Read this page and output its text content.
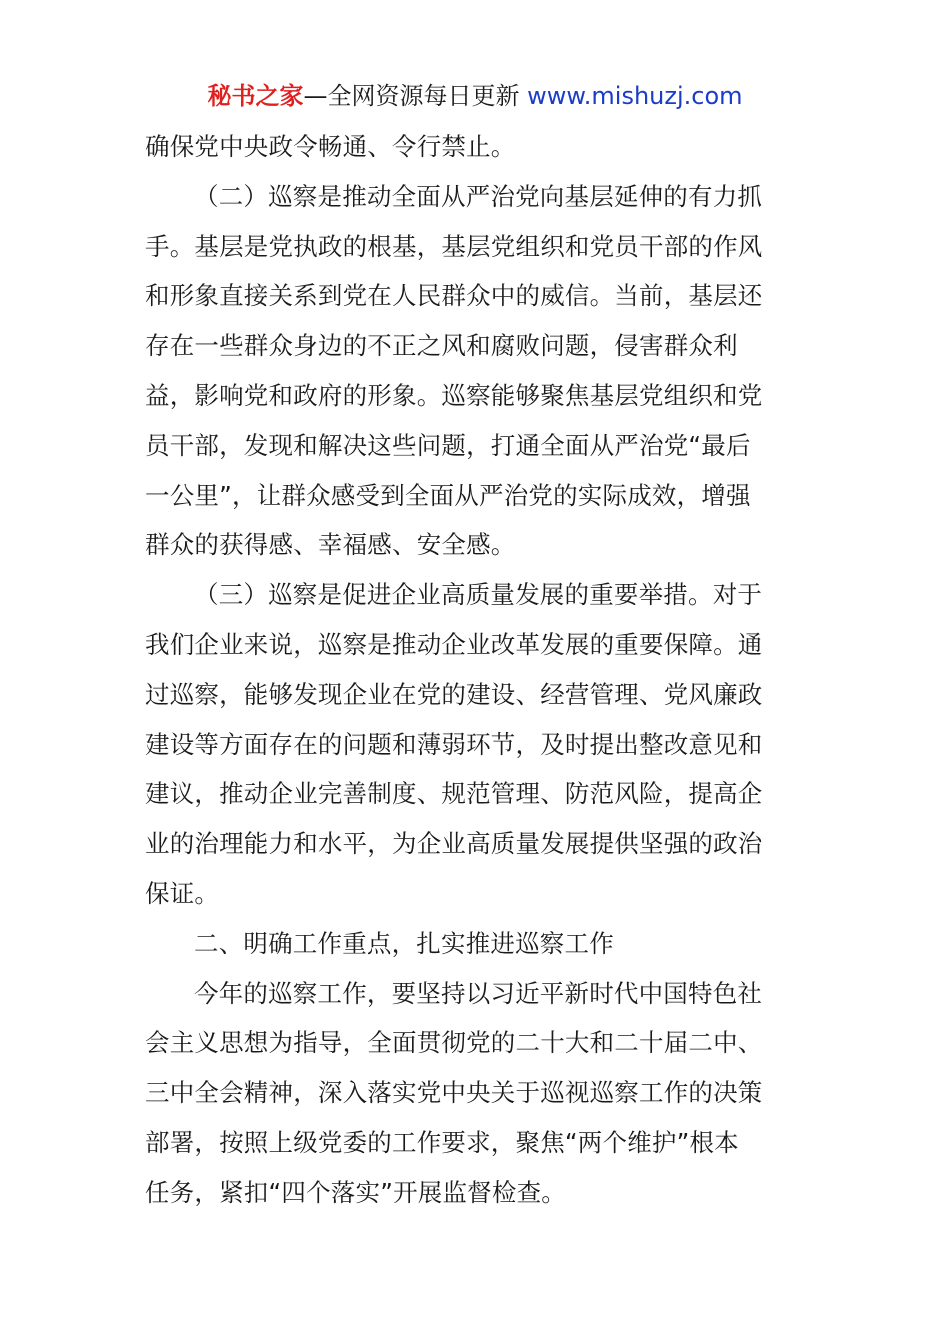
秘书之家—全网资源每日更新 www.mishuzj.com
确保党中央政令畅通、令行禁止。
（二）巡察是推动全面从严治党向基层延伸的有力抓
手。基层是党执政的根基，基层党组织和党员干部的作风
和形象直接关系到党在人民群众中的威信。当前，基层还
存在一些群众身边的不正之风和腐败问题，侵害群众利
益，影响党和政府的形象。巡察能够聚焦基层党组织和党
员干部，发现和解决这些问题，打通全面从严治党“最后
一公里”，让群众感受到全面从严治党的实际成效，增强
群众的获得感、幸福感、安全感。
（三）巡察是促进企业高质量发展的重要举措。对于
我们企业来说，巡察是推动企业改革发展的重要保障。通
过巡察，能够发现企业在党的建设、经营管理、党风廉政
建设等方面存在的问题和薄弱环节，及时提出整改意见和
建议，推动企业完善制度、规范管理、防范风险，提高企
业的治理能力和水平，为企业高质量发展提供坚强的政治
保证。
二、明确工作重点，扎实推进巡察工作
今年的巡察工作，要坚持以习近平新时代中国特色社
会主义思想为指导，全面贯彻党的二十大和二十届二中、
三中全会精神，深入落实党中央关于巡视巡察工作的决策
部署，按照上级党委的工作要求，聚焦“两个维护”根本
任务，紧扣“四个落实”开展监督检查。
